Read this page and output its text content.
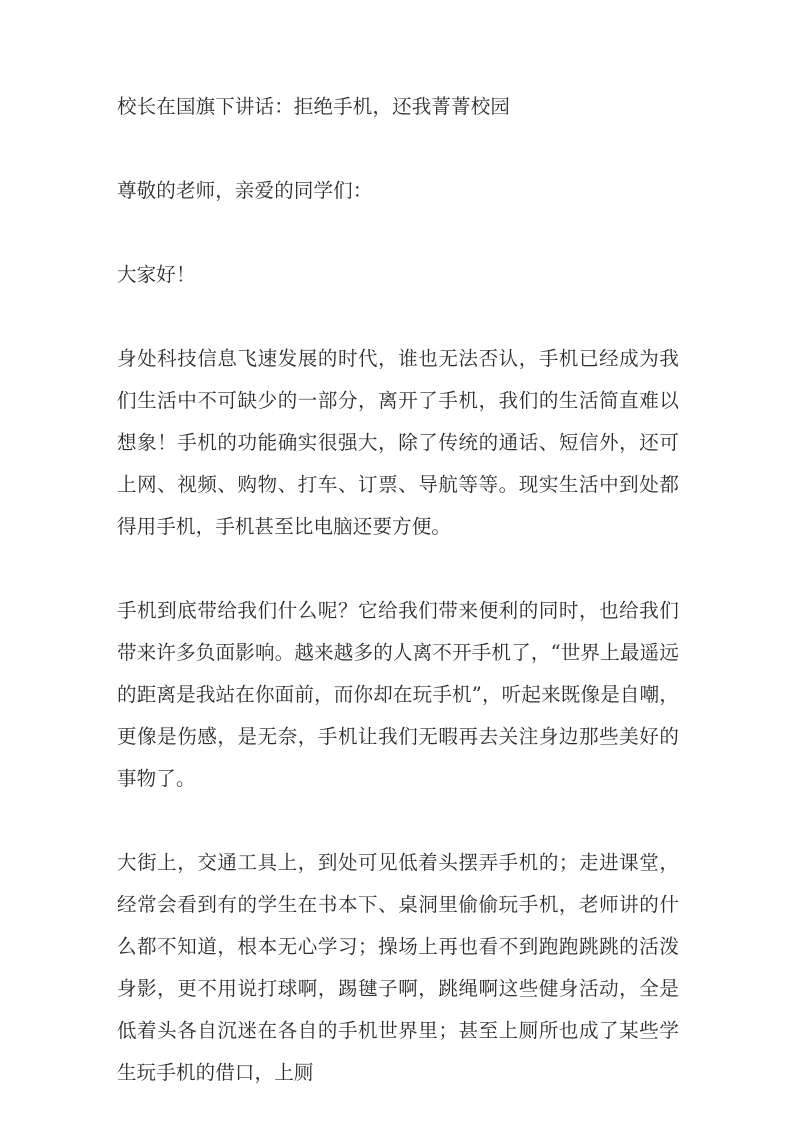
校长在国旗下讲话：拒绝手机，还我菁菁校园

尊敬的老师，亲爱的同学们：

大家好！

身处科技信息飞速发展的时代，谁也无法否认，手机已经成为我们生活中不可缺少的一部分，离开了手机，我们的生活简直难以想象！手机的功能确实很强大，除了传统的通话、短信外，还可上网、视频、购物、打车、订票、导航等等。现实生活中到处都得用手机，手机甚至比电脑还要方便。

手机到底带给我们什么呢？它给我们带来便利的同时，也给我们带来许多负面影响。越来越多的人离不开手机了，“世界上最遥远的距离是我站在你面前，而你却在玩手机”，听起来既像是自嘲，更像是伤感，是无奈，手机让我们无暇再去关注身边那些美好的事物了。

大街上，交通工具上，到处可见低着头摆弄手机的；走进课堂，经常会看到有的学生在书本下、桌洞里偷偷玩手机，老师讲的什么都不知道，根本无心学习；操场上再也看不到跑跑跳跳的活泼身影，更不用说打球啊，踢毽子啊，跳绳啊这些健身活动，全是低着头各自沉迷在各自的手机世界里；甚至上厕所也成了某些学生玩手机的借口，上厕
